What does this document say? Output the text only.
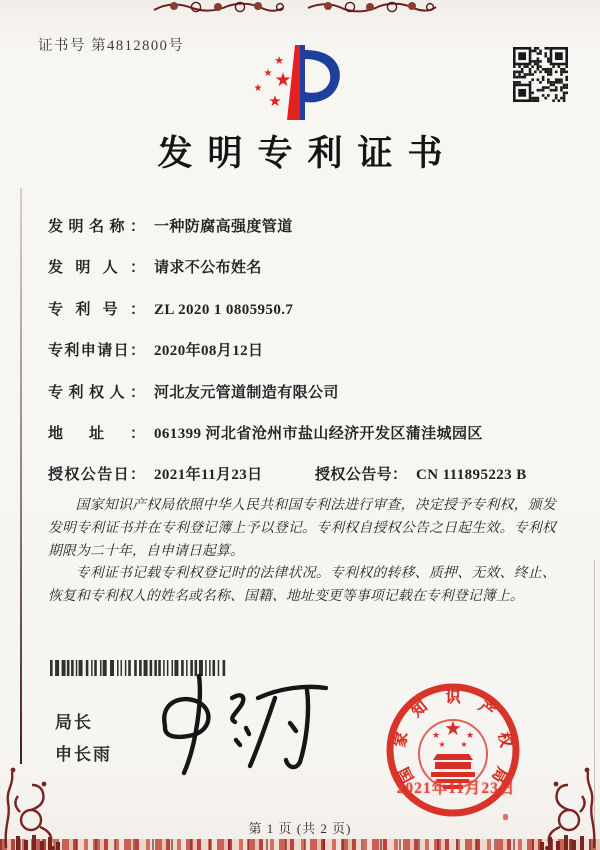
证书号 第4812800号
★
★ ★
★
★
发明专利证书
发明名称： 一种防腐高强度管道
发明人： 请求不公布姓名
专利号： ZL 2020 1 0805950.7
专利申请日： 2020年08月12日
专利权人： 河北友元管道制造有限公司
地址： 061399 河北省沧州市盐山经济开发区蒲洼城园区
授权公告日： 2021年11月23日	授权公告号： CN 111895223 B

国家知识产权局依照中华人民共和国专利法进行审查，决定授予专利权，颁发发明专利证书并在专利登记簿上予以登记。专利权自授权公告之日起生效。专利权期限为二十年，自申请日起算。

专利证书记载专利权登记时的法律状况。专利权的转移、质押、无效、终止、恢复和专利权人的姓名或名称、国籍、地址变更等事项记载在专利登记簿上。

局长
申长雨
★
★	★
★ ★
国
家
知
识
产
权
局
2021年11月23日
第 1 页 (共 2 页)
